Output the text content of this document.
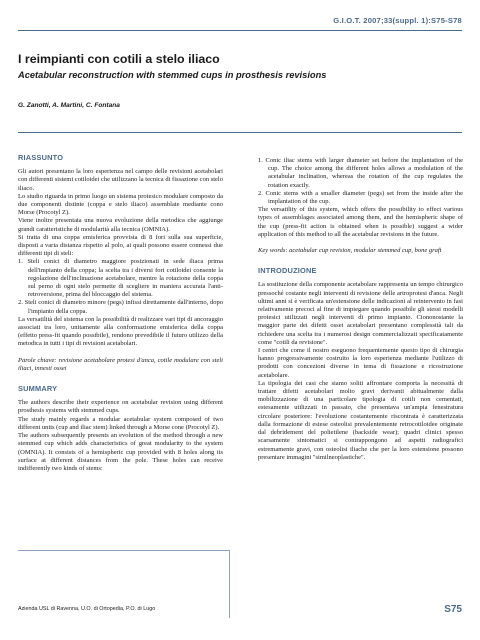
G.I.O.T. 2007;33(suppl. 1):S75-S78
I reimpianti con cotili a stelo iliaco
Acetabular reconstruction with stemmed cups in prosthesis revisions
G. Zanotti, A. Martini, C. Fontana
RIASSUNTO

Gli autori presentano la loro esperienza nel campo delle revisioni acetabolari con differenti sistemi cotiloidei che utilizzano la tecnica di fissazione con stelo iliaco.

Lo studio riguarda in primo luogo un sistema protesico modulare composto da due componenti distinte (coppa e stelo iliaco) assemblate mediante cono Morse (Procotyl Z).

Viene inoltre presentata una nuova evoluzione della metodica che aggiunge grandi caratteristiche di modularità alla tecnica (OMNIA).

Si tratta di una coppa emisferica provvista di 8 fori sulla sua superficie, disposti a varia distanza rispetto al polo, ai quali possono essere connessi due differenti tipi di steli:

1. Steli conici di diametro maggiore posizionati in sede iliaca prima dell'impianto della coppa; la scelta tra i diversi fori cotiloidei consente la regolazione dell'inclinazione acetabolare, mentre la rotazione della coppa sul perno di ogni stelo permette di scegliere in maniera accurata l'anti-retroversione, prima del bloccaggio del sistema.
2. Steli conici di diametro minore (pegs) infissi direttamente dall'interno, dopo l'impianto della coppa.

La versatilità del sistema con la possibilità di realizzare vari tipi di ancoraggio associati tra loro, unitamente alla conformazione emisferica della coppa (effetto press-fit quando possibile), rendono prevedibile il futuro utilizzo della metodica in tutti i tipi di revisioni acetabolari.

Parole chiave: revisione acetabolare protesi d'anca, cotile modulare con steli iliaci, innesti ossei

SUMMARY

The authors describe their experience on acetabular revision using different prosthesis systems with stemmed cups.

The study mainly regards a modular acetabular system composed of two different units (cup and iliac stem) linked through a Morse cone (Procotyl Z).

The authors subsequently presents an evolution of the method through a new stemmed cup which adds characteristics of great modularity to the system (OMNIA). It consists of a hemispheric cup provided with 8 holes along its surface at different distances from the pole. These holes can receive indifferently two kinds of stems:

1. Conic iliac stems with larger diameter set before the implantation of the cup. The choice among the different holes allows a modulation of the acetabular inclination, whereas the rotation of the cup regulates the rotation exactly.
2. Conic stems with a smaller diameter (pegs) set from the inside after the implantation of the cup.

The versatility of this system, which offers the possibility to effect various types of assemblages associated among them, and the hemispheric shape of the cup (press-fit action is obtained when is possible) suggest a wider application of this method to all the acetabular revisions in the future.

Key words: acetabular cup revision, modular stemmed cup, bone graft

INTRODUZIONE

La sostituzione della componente acetabolare rappresenta un tempo chirurgico pressoché costante negli interventi di revisione delle artroprotesi d'anca. Negli ultimi anni si è verificata un'estensione delle indicazioni al reintervento in fasi relativamente precoci al fine di impiegare quando possibile gli stessi modelli protesici utilizzati negli interventi di primo impianto. Ciononostante la maggior parte dei difetti ossei acetabolari presentano complessità tali da richiedere una scelta tra i numerosi design commercializzati specificatamente come "cotili da revisione".

I centri che come il nostro eseguono frequentemente questo tipo di chirurgia hanno progressivamente costruito la loro esperienza mediante l'utilizzo di prodotti con concezioni diverse in tema di fissazione e ricostruzione acetabolare.

La tipologia dei casi che siamo soliti affrontare comporta la necessità di trattare difetti acetabolari molto gravi derivanti abitualmente dalla mobilizzazione di una particolare tipologia di cotili non cementati, estesamente utilizzati in passato, che presentava un'ampia fenestratura circolare posteriore: l'evoluzione costantemente riscontrata è caratterizzata dalla formazione di estese osteolisi prevalentemente retrocotiloidee originate dal debridement del polietilene (backside wear); quadri clinici spesso scarsamente sintomatici si contrappongono ad aspetti radiografici estremamente gravi, con osteolisi iliache che per la loro estensione possono presentare immagini "similneoplastiche".

Azienda USL di Ravenna, U.O. di Ortopedia, P.O. di Lugo	S75
